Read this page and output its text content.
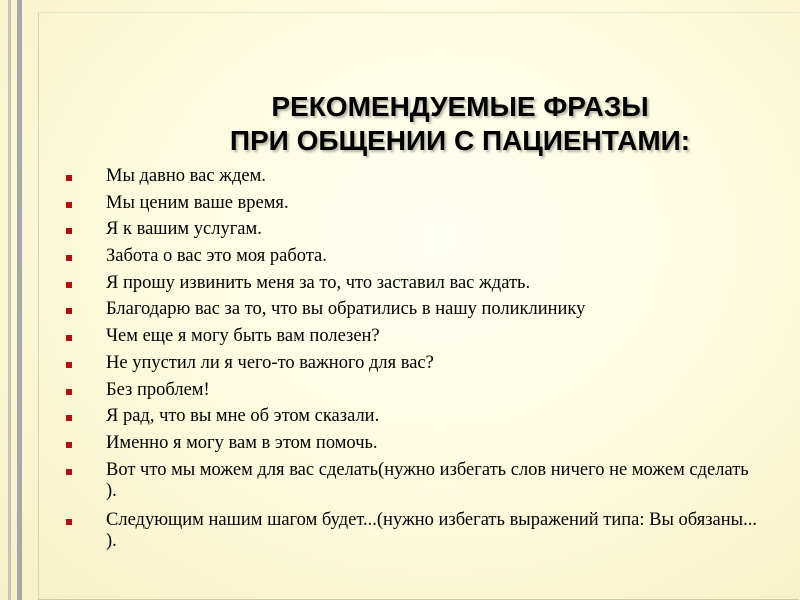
РЕКОМЕНДУЕМЫЕ ФРАЗЫ
ПРИ ОБЩЕНИИ С ПАЦИЕНТАМИ:
Мы давно вас ждем.
Мы ценим ваше время.
Я к вашим услугам.
Забота о вас это моя работа.
Я прошу извинить меня за то, что заставил вас ждать.
Благодарю вас за то, что вы обратились в нашу поликлинику
Чем еще я могу быть вам полезен?
Не упустил ли я чего-то важного для вас?
Без проблем!
Я рад, что вы мне об этом сказали.
Именно я могу вам в этом помочь.
Вот что мы можем для вас сделать(нужно избегать слов ничего не можем сделать ).
Следующим нашим шагом будет...(нужно избегать выражений типа: Вы обязаны... ).
